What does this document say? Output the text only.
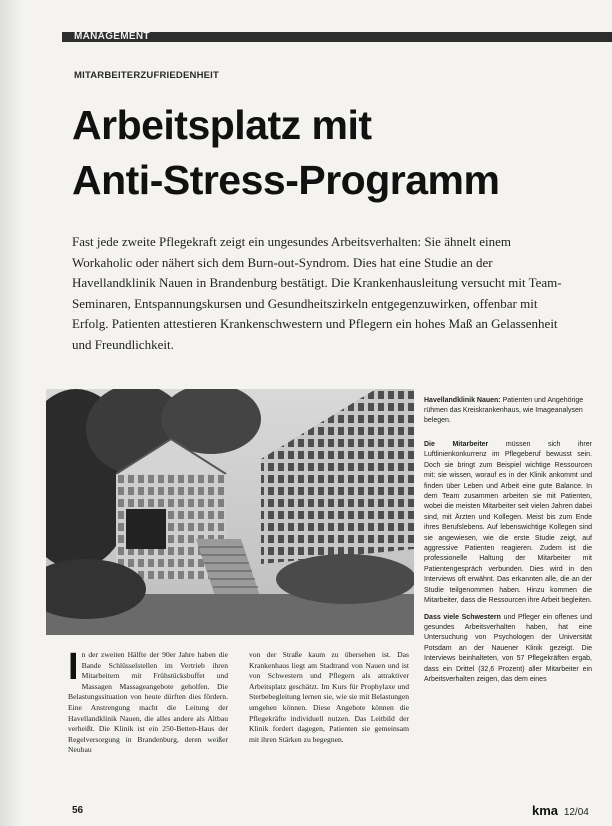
MANAGEMENT
MITARBEITERZUFRIEDENHEIT
Arbeitsplatz mit
Anti-Stress-Programm
Fast jede zweite Pflegekraft zeigt ein ungesundes Arbeitsverhalten: Sie ähnelt einem Workaholic oder nähert sich dem Burn-out-Syndrom. Dies hat eine Studie an der Havellandklinik Nauen in Brandenburg bestätigt. Die Krankenhausleitung versucht mit Team-Seminaren, Entspannungskursen und Gesundheitszirkeln entgegenzuwirken, offenbar mit Erfolg. Patienten attestieren Krankenschwestern und Pflegern ein hohes Maß an Gelassenheit und Freundlichkeit.
Havellandklinik Nauen: Patienten und Angehörige rühmen das Kreiskrankenhaus, wie Imageanalysen belegen.

Die Mitarbeiter	müssen sich ihrer Luftlinienkonkurrenz im Pflegeberuf bewusst sein. Doch sie bringt zum Beispiel wichtige Ressourcen mit: sie wissen, worauf es in der Klinik ankommt und finden über Leben und Arbeit eine gute Balance. In dem Team zusammen arbeiten sie mit Patienten, wobei die meisten Mitarbeiter seit vielen Jahren dabei sind, mit Ärzten und Kollegen. Meist bis zum Ende ihres Berufslebens. Auf lebenswichtige Kollegen sind sie angewiesen, wie die erste Studie zeigt, auf aggressive Patienten reagieren. Zudem ist die professionelle Haltung der Mitarbeiter mit Patientengespräch verbunden. Dies wird in den Interviews oft erwähnt. Das erkannten alle, die an der Studie teilgenommen haben. Hinzu kommen die Mitarbeiter, dass die Ressourcen ihre Arbeit begleiten.

Dass viele Schwestern und Pfleger ein offenes und gesundes Arbeitsverhalten haben, hat eine Untersuchung von Psychologen der Universität Potsdam an der Nauener Klinik gezeigt. Die Interviews beinhalteten, von 57 Pflegekräften ergab, dass ein Drittel (32,6 Prozent) aller Mitarbeiter ein Arbeitsverhalten zeigen, das dem eines

I n der zweiten Hälfte der 90er Jahre haben die Bande Schlüsselstellen im Vertrieb ihren Mitarbeitern mit Frühstücksbuffet und Massagen Massageangebote geholfen. Die Belastungssituation von heute dürften dies fördern. Eine Anstrengung macht die Leitung der Havellandklinik Nauen, die alles andere als Altbau verheißt. Die Klinik ist ein 250-Betten-Haus der Regelversorgung in Brandenburg, deren weißer Neubau
von der Straße kaum zu übersehen ist. Das Krankenhaus liegt am Stadtrand von Nauen und ist von Schwestern und Pflegern als attraktiver Arbeitsplatz geschätzt. Im Kurs für Prophylaxe und Sterbebegleitung lernen sie, wie sie mit Belastungen umgehen können. Diese Angebote können die Pflegekräfte individuell nutzen. Das Leitbild der Klinik fordert dagegen, Patienten sie gemeinsam mit ihren Stärken zu begegnen.
56	kma 12/04
